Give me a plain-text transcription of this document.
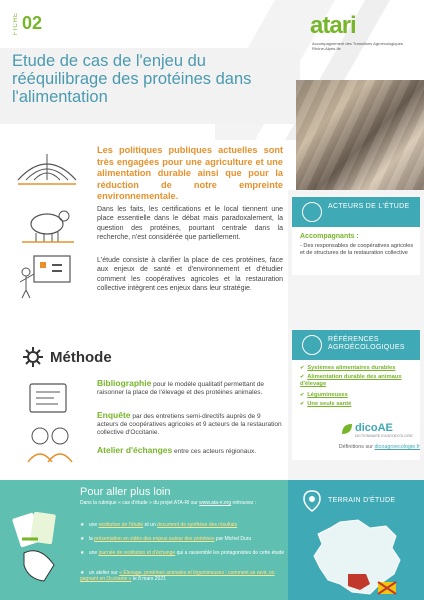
FICHE 02
Etude de cas de l'enjeu du rééquilibrage des protéines dans l'alimentation
atari
Accompagnement des Transitions Agroécologiques Rhône-Alpes-Ile
Les politiques publiques actuelles sont très engagées pour une agriculture et une alimentation durable ainsi que pour la réduction de notre empreinte environnementale.
Dans les faits, les certifications et le local tiennent une place essentielle dans le débat mais paradoxalement, la question des protéines, pourtant centrale dans la recherche, n'est considérée que partiellement.
L'étude consiste à clarifier la place de ces protéines, face aux enjeux de santé et d'environnement et d'étudier comment les coopératives agricoles et la restauration collective intègrent ces enjeux dans leur stratégie.
Méthode
Bibliographie pour le modèle qualitatif permettant de raisonner la place de l'élevage et des protéines animales.
Enquête par des entretiens semi-directifs auprès de 9 acteurs de coopératives agricoles et 9 acteurs de la restauration collective d'Occitanie.
Atelier d'échanges entre ces acteurs régionaux.
ACTEURS DE L'ÉTUDE
Accompagnants :
- Des responsables de coopératives agricoles et de structures de la restauration collective
RÉFÉRENCES AGROÉCOLOGIQUES
✔ Systèmes alimentaires durables
✔ Alimentation durable des animaux d'élevage
✔ Légumineuses
✔ Une seule santé
dicoAE
DICTIONNAIRE D'AGROECOLOGIE
Définitions sur dicoagroecologie.fr
Pour aller plus loin
Dans la rubrique « cas d'étude » du projet ATA-RI sur www.ata-ri.org retrouvez :
★ une restitution de l'étude et un document de synthèse des résultats
★ la présentation en vidéo des enjeux autour des protéines par Michel Duru
★ une journée de restitution et d'échange qui a rassemblé les protagonistes de cette étude
★ un atelier sur « Élevage, protéines animales et légumineuses : comment se ravir, on gagnant en Occitanie » le 8 mars 2021
TERRAIN D'ÉTUDE
